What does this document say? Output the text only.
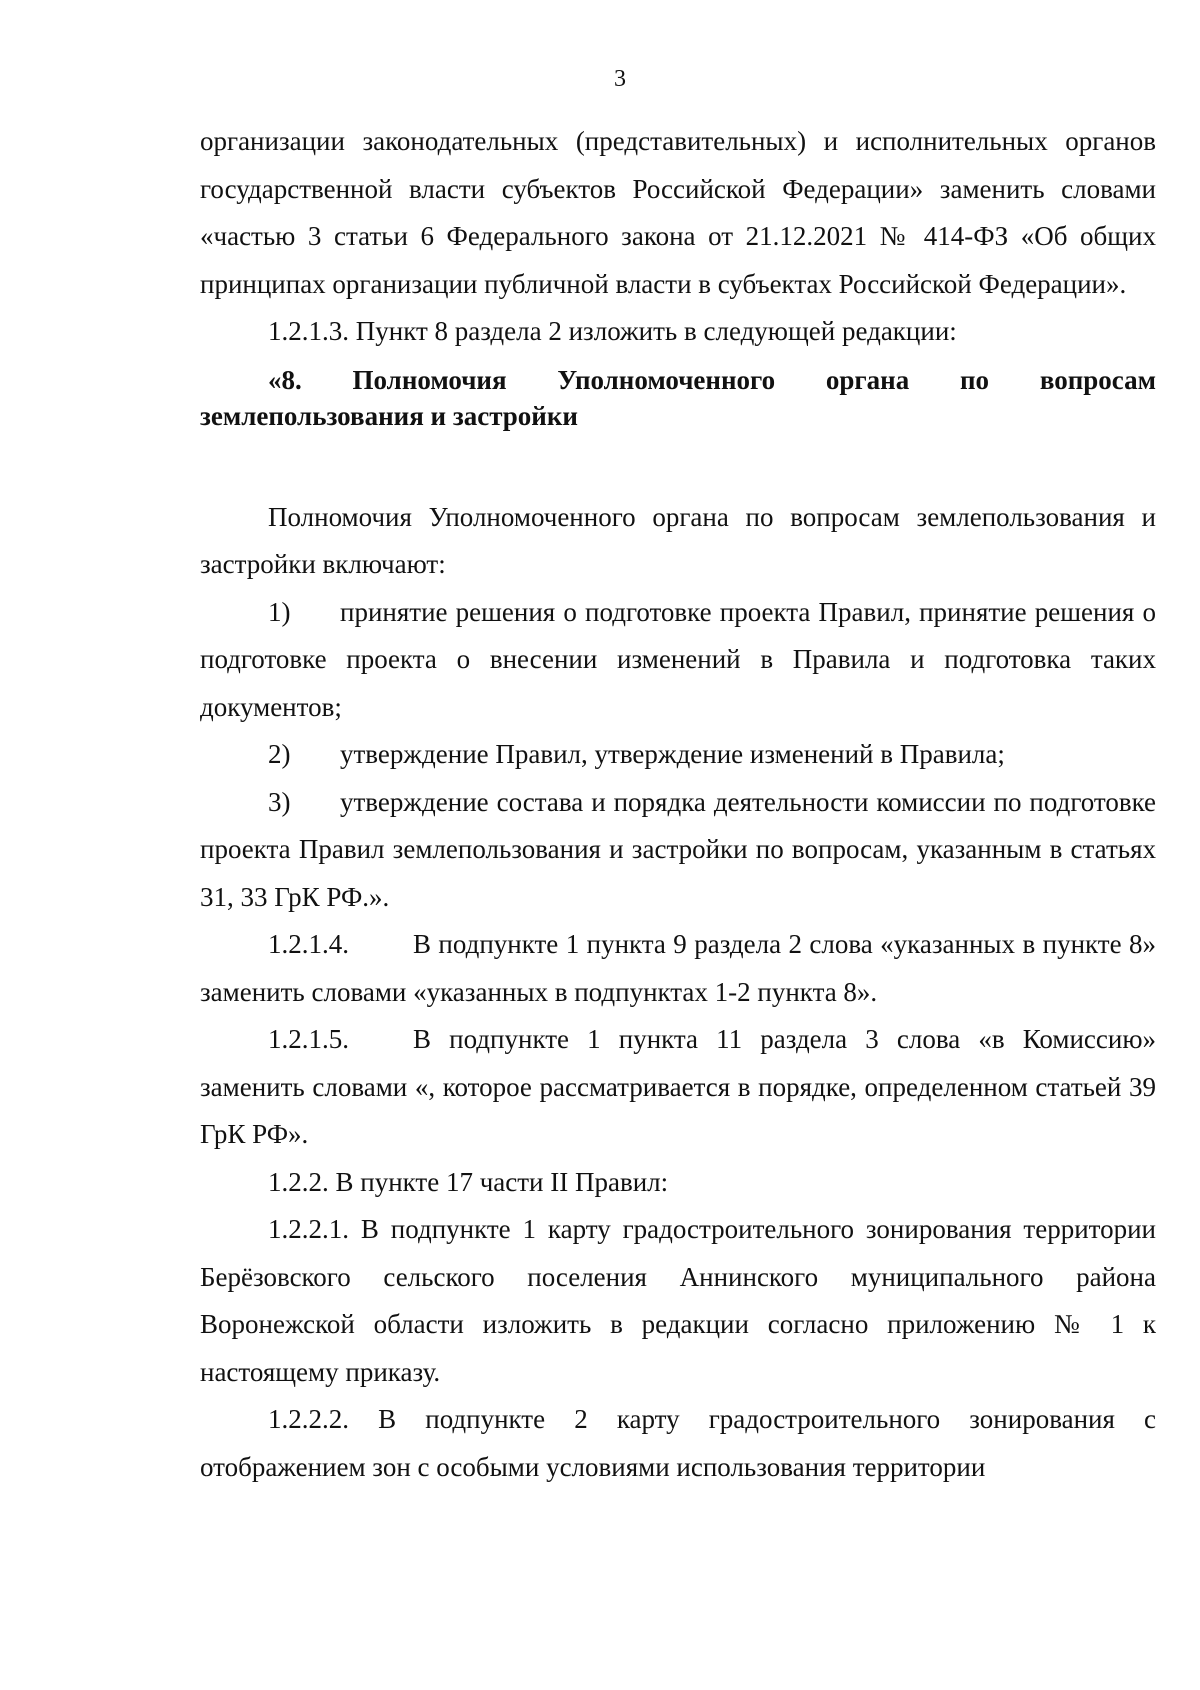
3

организации законодательных (представительных) и исполнительных органов государственной власти субъектов Российской Федерации» заменить словами «частью 3 статьи 6 Федерального закона от 21.12.2021 № 414-ФЗ «Об общих принципах организации публичной власти в субъектах Российской Федерации».

1.2.1.3. Пункт 8 раздела 2 изложить в следующей редакции:

«8. Полномочия Уполномоченного органа по вопросам землепользования и застройки

Полномочия Уполномоченного органа по вопросам землепользования и застройки включают:

1) принятие решения о подготовке проекта Правил, принятие решения о подготовке проекта о внесении изменений в Правила и подготовка таких документов;

2) утверждение Правил, утверждение изменений в Правила;

3) утверждение состава и порядка деятельности комиссии по подготовке проекта Правил землепользования и застройки по вопросам, указанным в статьях 31, 33 ГрК РФ.».

1.2.1.4. В подпункте 1 пункта 9 раздела 2 слова «указанных в пункте 8» заменить словами «указанных в подпунктах 1-2 пункта 8».

1.2.1.5. В подпункте 1 пункта 11 раздела 3 слова «в Комиссию» заменить словами «, которое рассматривается в порядке, определенном статьей 39 ГрК РФ».

1.2.2. В пункте 17 части II Правил:

1.2.2.1. В подпункте 1 карту градостроительного зонирования территории Берёзовского сельского поселения Аннинского муниципального района Воронежской области изложить в редакции согласно приложению № 1 к настоящему приказу.

1.2.2.2. В подпункте 2 карту градостроительного зонирования с отображением зон с особыми условиями использования территории
